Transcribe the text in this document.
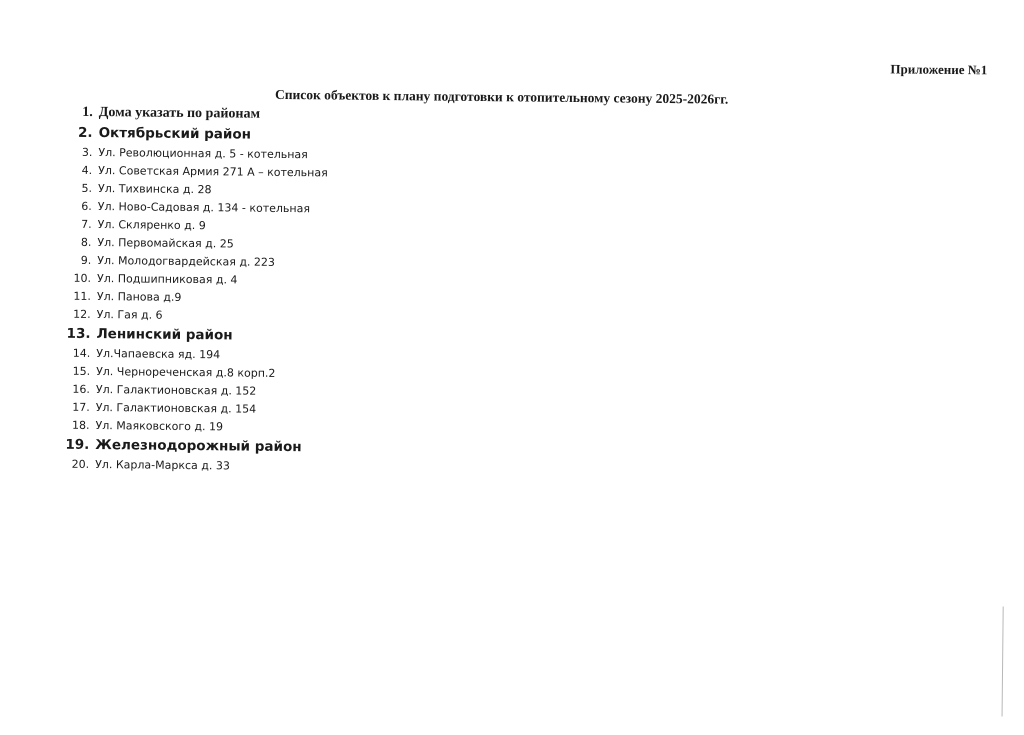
Приложение №1
Список объектов к плану подготовки к отопительному сезону 2025-2026гг.
1. Дома указать по районам
2. Октябрьский район
3. Ул. Революционная д. 5 - котельная
4. Ул. Советская Армия 271 А – котельная
5. Ул. Тихвинска д. 28
6. Ул. Ново-Садовая д. 134 - котельная
7. Ул. Скляренко д. 9
8. Ул. Первомайская д. 25
9. Ул. Молодогвардейская д. 223
10. Ул. Подшипниковая д. 4
11. Ул. Панова д.9
12. Ул. Гая д. 6
13. Ленинский район
14. Ул.Чапаевска яд. 194
15. Ул. Чернореченская д.8 корп.2
16. Ул. Галактионовская д. 152
17. Ул. Галактионовская д. 154
18. Ул. Маяковского д. 19
19. Железнодорожный район
20. Ул. Карла-Маркса д. 33
